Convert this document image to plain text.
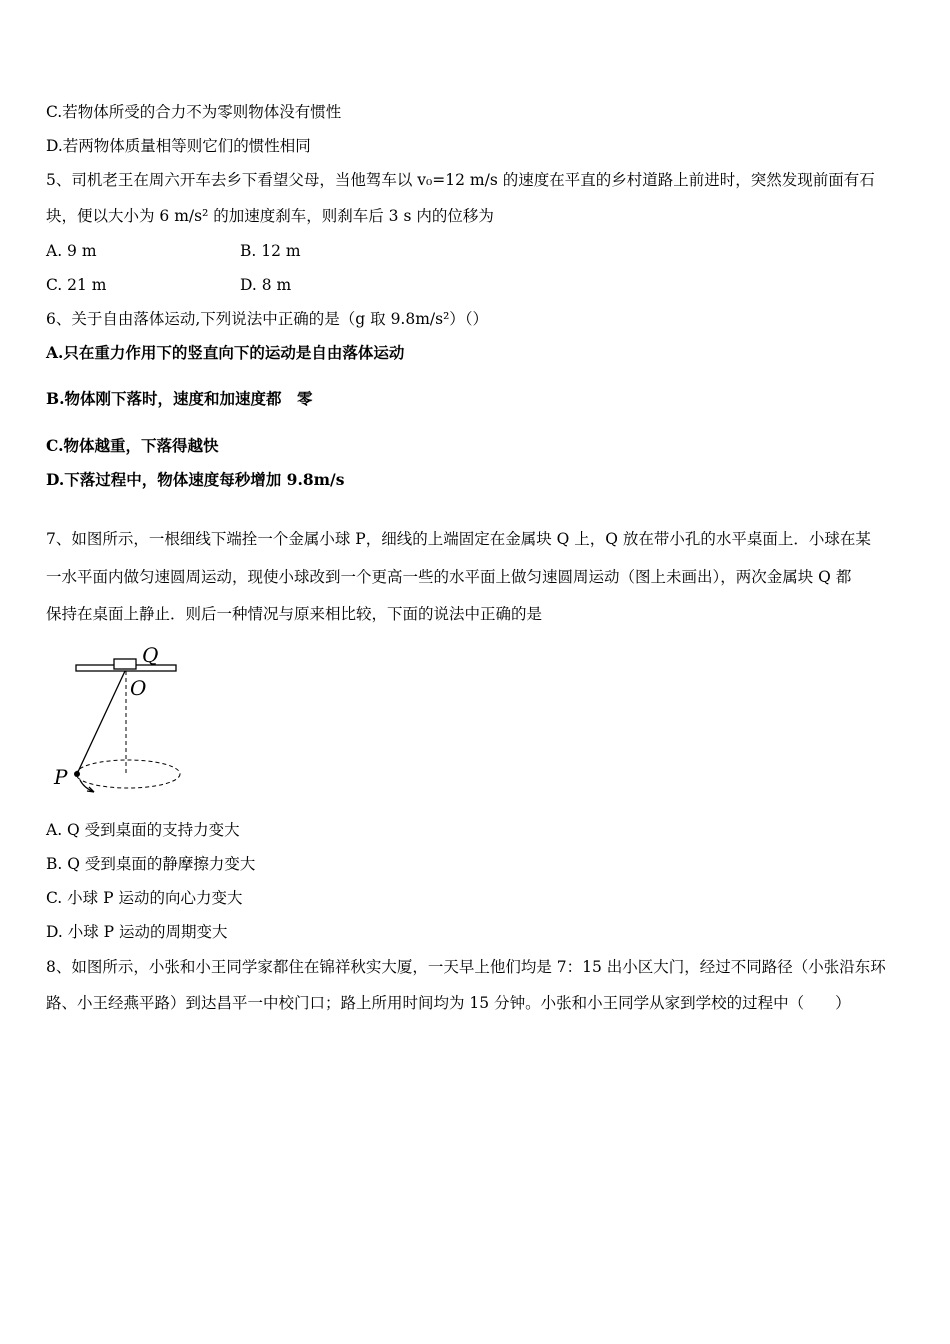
C.若物体所受的合力不为零则物体没有惯性
D.若两物体质量相等则它们的惯性相同
5、司机老王在周六开车去乡下看望父母，当他驾车以 v₀=12 m/s 的速度在平直的乡村道路上前进时，突然发现前面有石
块，便以大小为 6 m/s² 的加速度刹车，则刹车后 3 s 内的位移为
A. 9 m	B. 12 m
C. 21 m	D. 8 m
6、关于自由落体运动,下列说法中正确的是（g 取 9.8m/s²）（）
A.只在重力作用下的竖直向下的运动是自由落体运动
B.物体刚下落时，速度和加速度都　零
C.物体越重，下落得越快
D.下落过程中，物体速度每秒增加 9.8m/s
7、如图所示，一根细线下端拴一个金属小球 P，细线的上端固定在金属块 Q 上，Q 放在带小孔的水平桌面上．小球在某
一水平面内做匀速圆周运动，现使小球改到一个更高一些的水平面上做匀速圆周运动（图上未画出），两次金属块 Q 都
保持在桌面上静止．则后一种情况与原来相比较，下面的说法中正确的是
Q
O
P
A. Q 受到桌面的支持力变大
B. Q 受到桌面的静摩擦力变大
C. 小球 P 运动的向心力变大
D. 小球 P 运动的周期变大
8、如图所示，小张和小王同学家都住在锦祥秋实大厦，一天早上他们均是 7：15 出小区大门，经过不同路径（小张沿东环
路、小王经燕平路）到达昌平一中校门口；路上所用时间均为 15 分钟。小张和小王同学从家到学校的过程中（　　）
